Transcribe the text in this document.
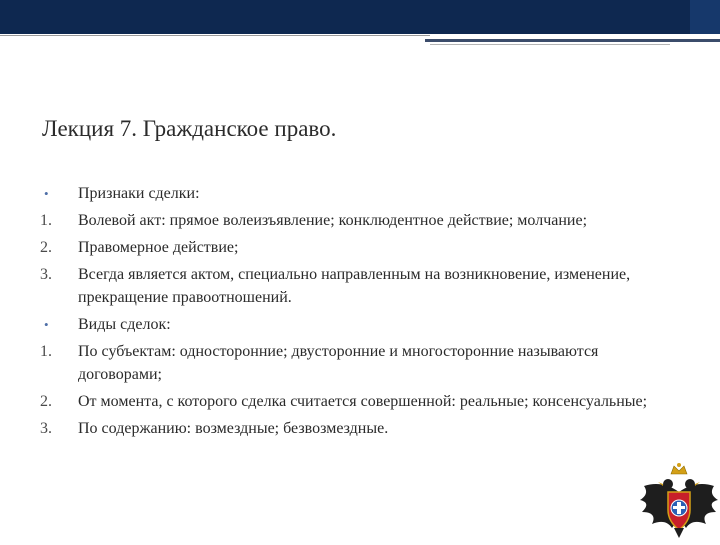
Лекция 7. Гражданское право.
•	Признаки сделки:
1.	Волевой акт: прямое волеизъявление; конклюдентное действие; молчание;
2.	Правомерное действие;
3.	Всегда является актом, специально направленным на возникновение, изменение, прекращение правоотношений.
•	Виды сделок:
1.	По субъектам: односторонние; двусторонние и многосторонние называются договорами;
2.	От момента, с которого сделка считается совершенной: реальные; консенсуальные;
3.	По содержанию: возмездные; безвозмездные.
